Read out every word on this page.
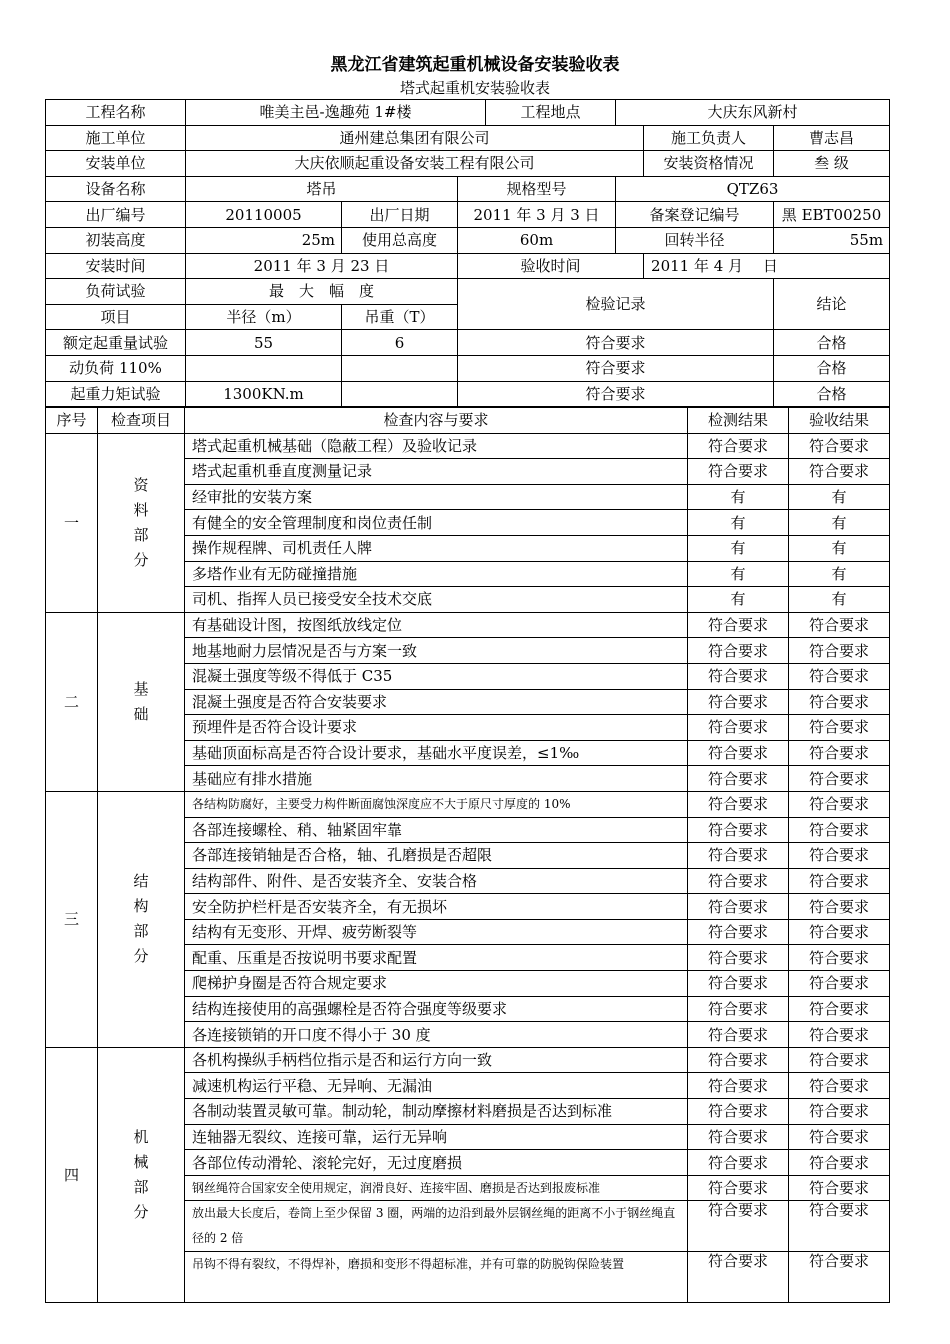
黑龙江省建筑起重机械设备安装验收表
塔式起重机安装验收表
工程名称	唯美主邑-逸趣苑 1#楼			工程地点	大庆东风新村		
施工单位	通州建总集团有限公司					施工负责人	曹志昌
安装单位	大庆依顺起重设备安装工程有限公司					安装资格情况	叁 级
设备名称	塔吊		规格型号		QTZ63		
出厂编号	20110005	出厂日期	2011 年 3 月 3 日		备案登记编号		黑 EBT00250
初装高度	25m	使用总高度	60m		回转半径		55m
安装时间	2011 年 3 月 23 日		验收时间			2011 年 4 月　 日	
负荷试验	最　大　幅　度		检验记录				结论
项目	半径（m）	吊重（T）					
额定起重量试验	55	6	符合要求				合格
动负荷 110%			符合要求				合格
起重力矩试验	1300KN.m		符合要求				合格
序号	检查项目	检查内容与要求	检测结果	验收结果
一	资料部分	塔式起重机械基础（隐蔽工程）及验收记录	符合要求	符合要求
		塔式起重机垂直度测量记录	符合要求	符合要求
		经审批的安装方案	有	有
		有健全的安全管理制度和岗位责任制	有	有
		操作规程牌、司机责任人牌	有	有
		多塔作业有无防碰撞措施	有	有
		司机、指挥人员已接受安全技术交底	有	有
二	基础	有基础设计图，按图纸放线定位	符合要求	符合要求
		地基地耐力层情况是否与方案一致	符合要求	符合要求
		混凝土强度等级不得低于 C35	符合要求	符合要求
		混凝土强度是否符合安装要求	符合要求	符合要求
		预埋件是否符合设计要求	符合要求	符合要求
		基础顶面标高是否符合设计要求，基础水平度误差，≤1‰	符合要求	符合要求
		基础应有排水措施	符合要求	符合要求
三	结构部分	各结构防腐好，主要受力构件断面腐蚀深度应不大于原尺寸厚度的 10%	符合要求	符合要求
		各部连接螺栓、稍、轴紧固牢靠	符合要求	符合要求
		各部连接销轴是否合格，轴、孔磨损是否超限	符合要求	符合要求
		结构部件、附件、是否安装齐全、安装合格	符合要求	符合要求
		安全防护栏杆是否安装齐全，有无损坏	符合要求	符合要求
		结构有无变形、开焊、疲劳断裂等	符合要求	符合要求
		配重、压重是否按说明书要求配置	符合要求	符合要求
		爬梯护身圈是否符合规定要求	符合要求	符合要求
		结构连接使用的高强螺栓是否符合强度等级要求	符合要求	符合要求
		各连接锁销的开口度不得小于 30 度	符合要求	符合要求
四	机械部分	各机构操纵手柄档位指示是否和运行方向一致	符合要求	符合要求
		减速机构运行平稳、无异响、无漏油	符合要求	符合要求
		各制动装置灵敏可靠。制动轮，制动摩擦材料磨损是否达到标准	符合要求	符合要求
		连轴器无裂纹、连接可靠，运行无异响	符合要求	符合要求
		各部位传动滑轮、滚轮完好，无过度磨损	符合要求	符合要求
		钢丝绳符合国家安全使用规定，润滑良好、连接牢固、磨损是否达到报废标准	符合要求	符合要求
		放出最大长度后，卷筒上至少保留 3 圈，两端的边沿到最外层钢丝绳的距离不小于钢丝绳直径的 2 倍	符合要求	符合要求
		吊钩不得有裂纹，不得焊补，磨损和变形不得超标准，并有可靠的防脱钩保险装置	符合要求	符合要求
